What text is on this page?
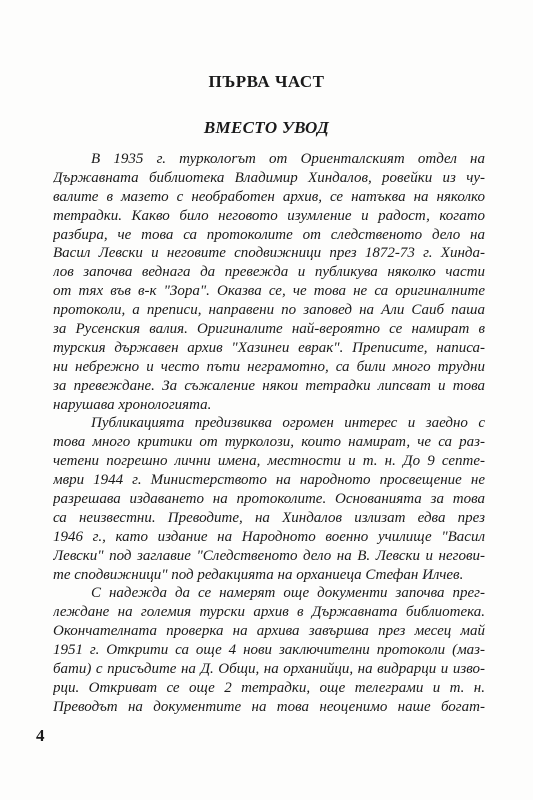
ПЪРВА ЧАСТ
ВМЕСТО УВОД

В 1935 г. турколоrът от Ориенталският отдел на
Държавната библиотека Владимир Хиндалов, ровейки из чу-
валите в мазето с необработен архив, се натъква на няколко
тетрадки. Какво било неговото изумление и радост, когато
разбира, че това са протоколите от следственото дело на
Васил Левски и неговите сподвижници през 1872-73 г. Хинда-
лов започва веднага да превежда и публикува няколко части
от тях във в-к "Зора". Оказва се, че това не са оригиналните
протоколи, а преписи, направени по заповед на Али Саиб паша
за Русенския валия. Оригиналите най-вероятно се намират в
турския държавен архив "Хазинеи еврак". Преписите, написа-
ни небрежно и често пъти неграмотно, са били много трудни
за превеждане. За съжаление някои тетрадки липсват и това
нарушава хронологията.

Публикацията предизвиква огромен интерес и заедно с
това много критики от турколози, които намират, че са раз-
четени погрешно лични имена, местности и т. н. До 9 септе-
мври 1944 г. Министерството на народното просвещение не
разрешава издаването на протоколите. Основанията за това
са неизвестни. Преводите, на Хиндалов излизат едва през
1946 г., като издание на Народното военно училище "Васил
Левски" под заглавие "Следственото дело на В. Левски и негови-
те сподвижници" под редакцията на орханиеца Стефан Илчев.

С надежда да се намерят още документи започва прег-
леждане на големия турски архив в Държавната библиотека.
Окончателната проверка на архива завършва през месец май
1951 г. Открити са още 4 нови заключителни протоколи (маз-
бати) с присъдите на Д. Общи, на орханийци, на видрарци и изво-
рци. Откриват се още 2 тетрадки, още телеграми и т. н.
Преводът на документите на това неоценимо наше богат-

4
